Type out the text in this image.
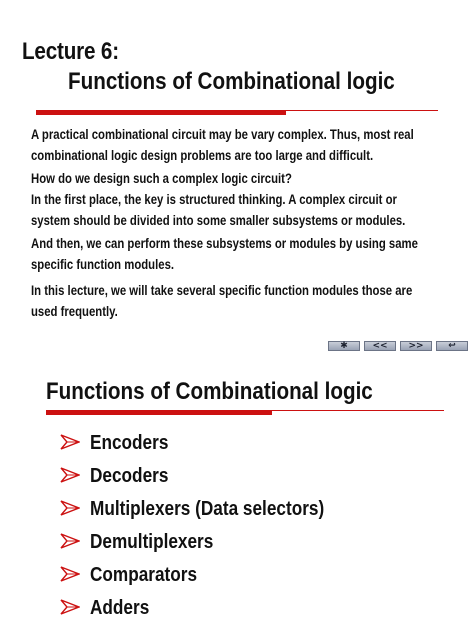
Lecture 6:
Functions of Combinational logic
A practical combinational circuit may be vary complex. Thus, most real
combinational logic design problems are too large and difficult.
How do we design such a complex logic circuit?
In the first place, the key is structured thinking. A complex circuit or
system should be divided into some smaller subsystems or modules.
And then, we can perform these subsystems or modules by using same
specific function modules.
In this lecture, we will take several specific function modules those are
used frequently.
✱	<<	>>	↩
Functions of Combinational logic
Encoders
Decoders
Multiplexers (Data selectors)
Demultiplexers
Comparators
Adders
